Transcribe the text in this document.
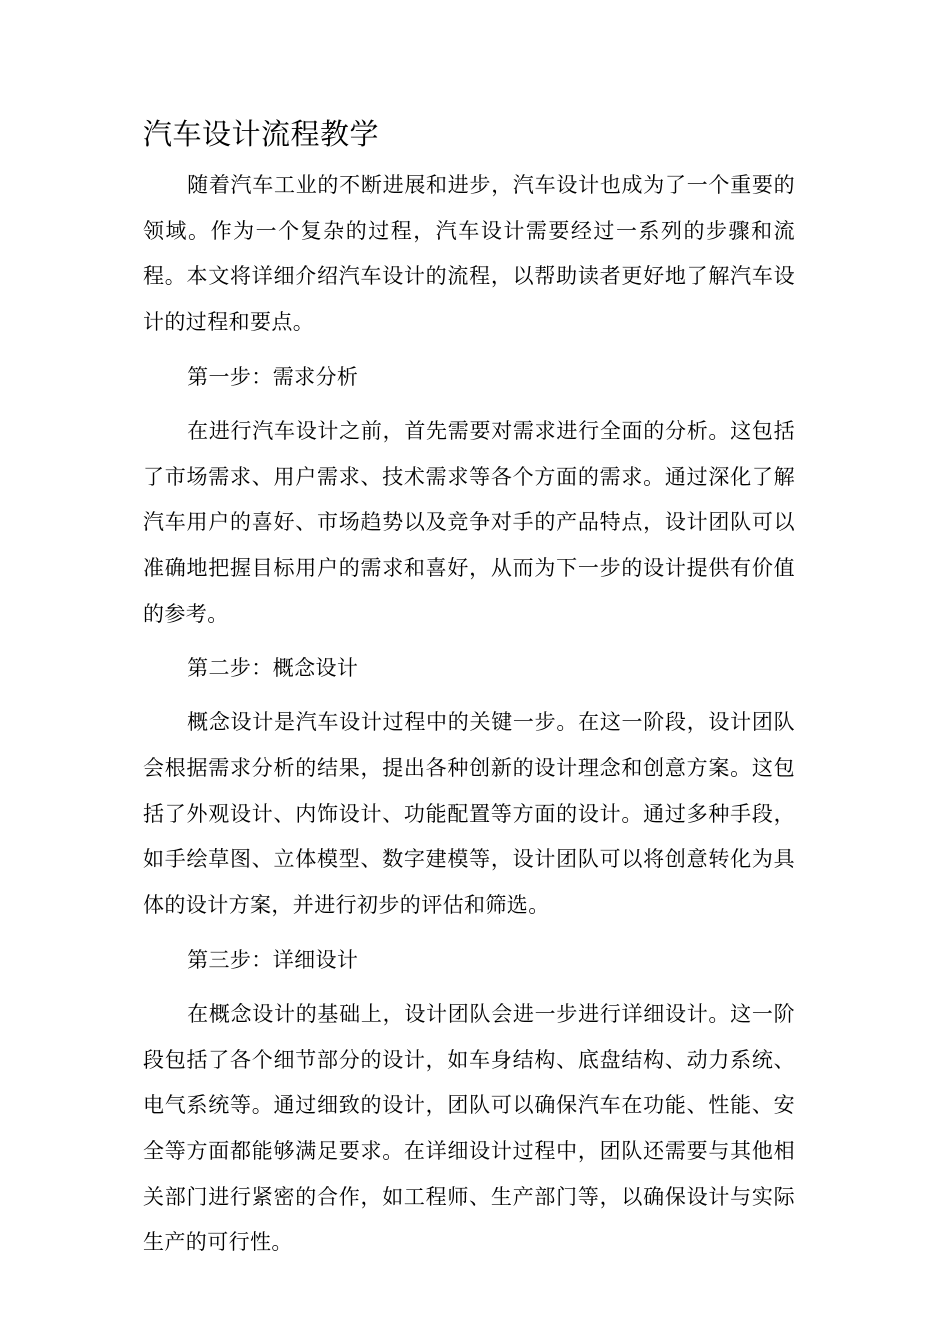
汽车设计流程教学

随着汽车工业的不断进展和进步，汽车设计也成为了一个重要的领域。作为一个复杂的过程，汽车设计需要经过一系列的步骤和流程。本文将详细介绍汽车设计的流程，以帮助读者更好地了解汽车设计的过程和要点。

第一步：需求分析

在进行汽车设计之前，首先需要对需求进行全面的分析。这包括了市场需求、用户需求、技术需求等各个方面的需求。通过深化了解汽车用户的喜好、市场趋势以及竞争对手的产品特点，设计团队可以准确地把握目标用户的需求和喜好，从而为下一步的设计提供有价值的参考。

第二步：概念设计

概念设计是汽车设计过程中的关键一步。在这一阶段，设计团队会根据需求分析的结果，提出各种创新的设计理念和创意方案。这包括了外观设计、内饰设计、功能配置等方面的设计。通过多种手段，如手绘草图、立体模型、数字建模等，设计团队可以将创意转化为具体的设计方案，并进行初步的评估和筛选。

第三步：详细设计

在概念设计的基础上，设计团队会进一步进行详细设计。这一阶段包括了各个细节部分的设计，如车身结构、底盘结构、动力系统、电气系统等。通过细致的设计，团队可以确保汽车在功能、性能、安全等方面都能够满足要求。在详细设计过程中，团队还需要与其他相关部门进行紧密的合作，如工程师、生产部门等，以确保设计与实际生产的可行性。
